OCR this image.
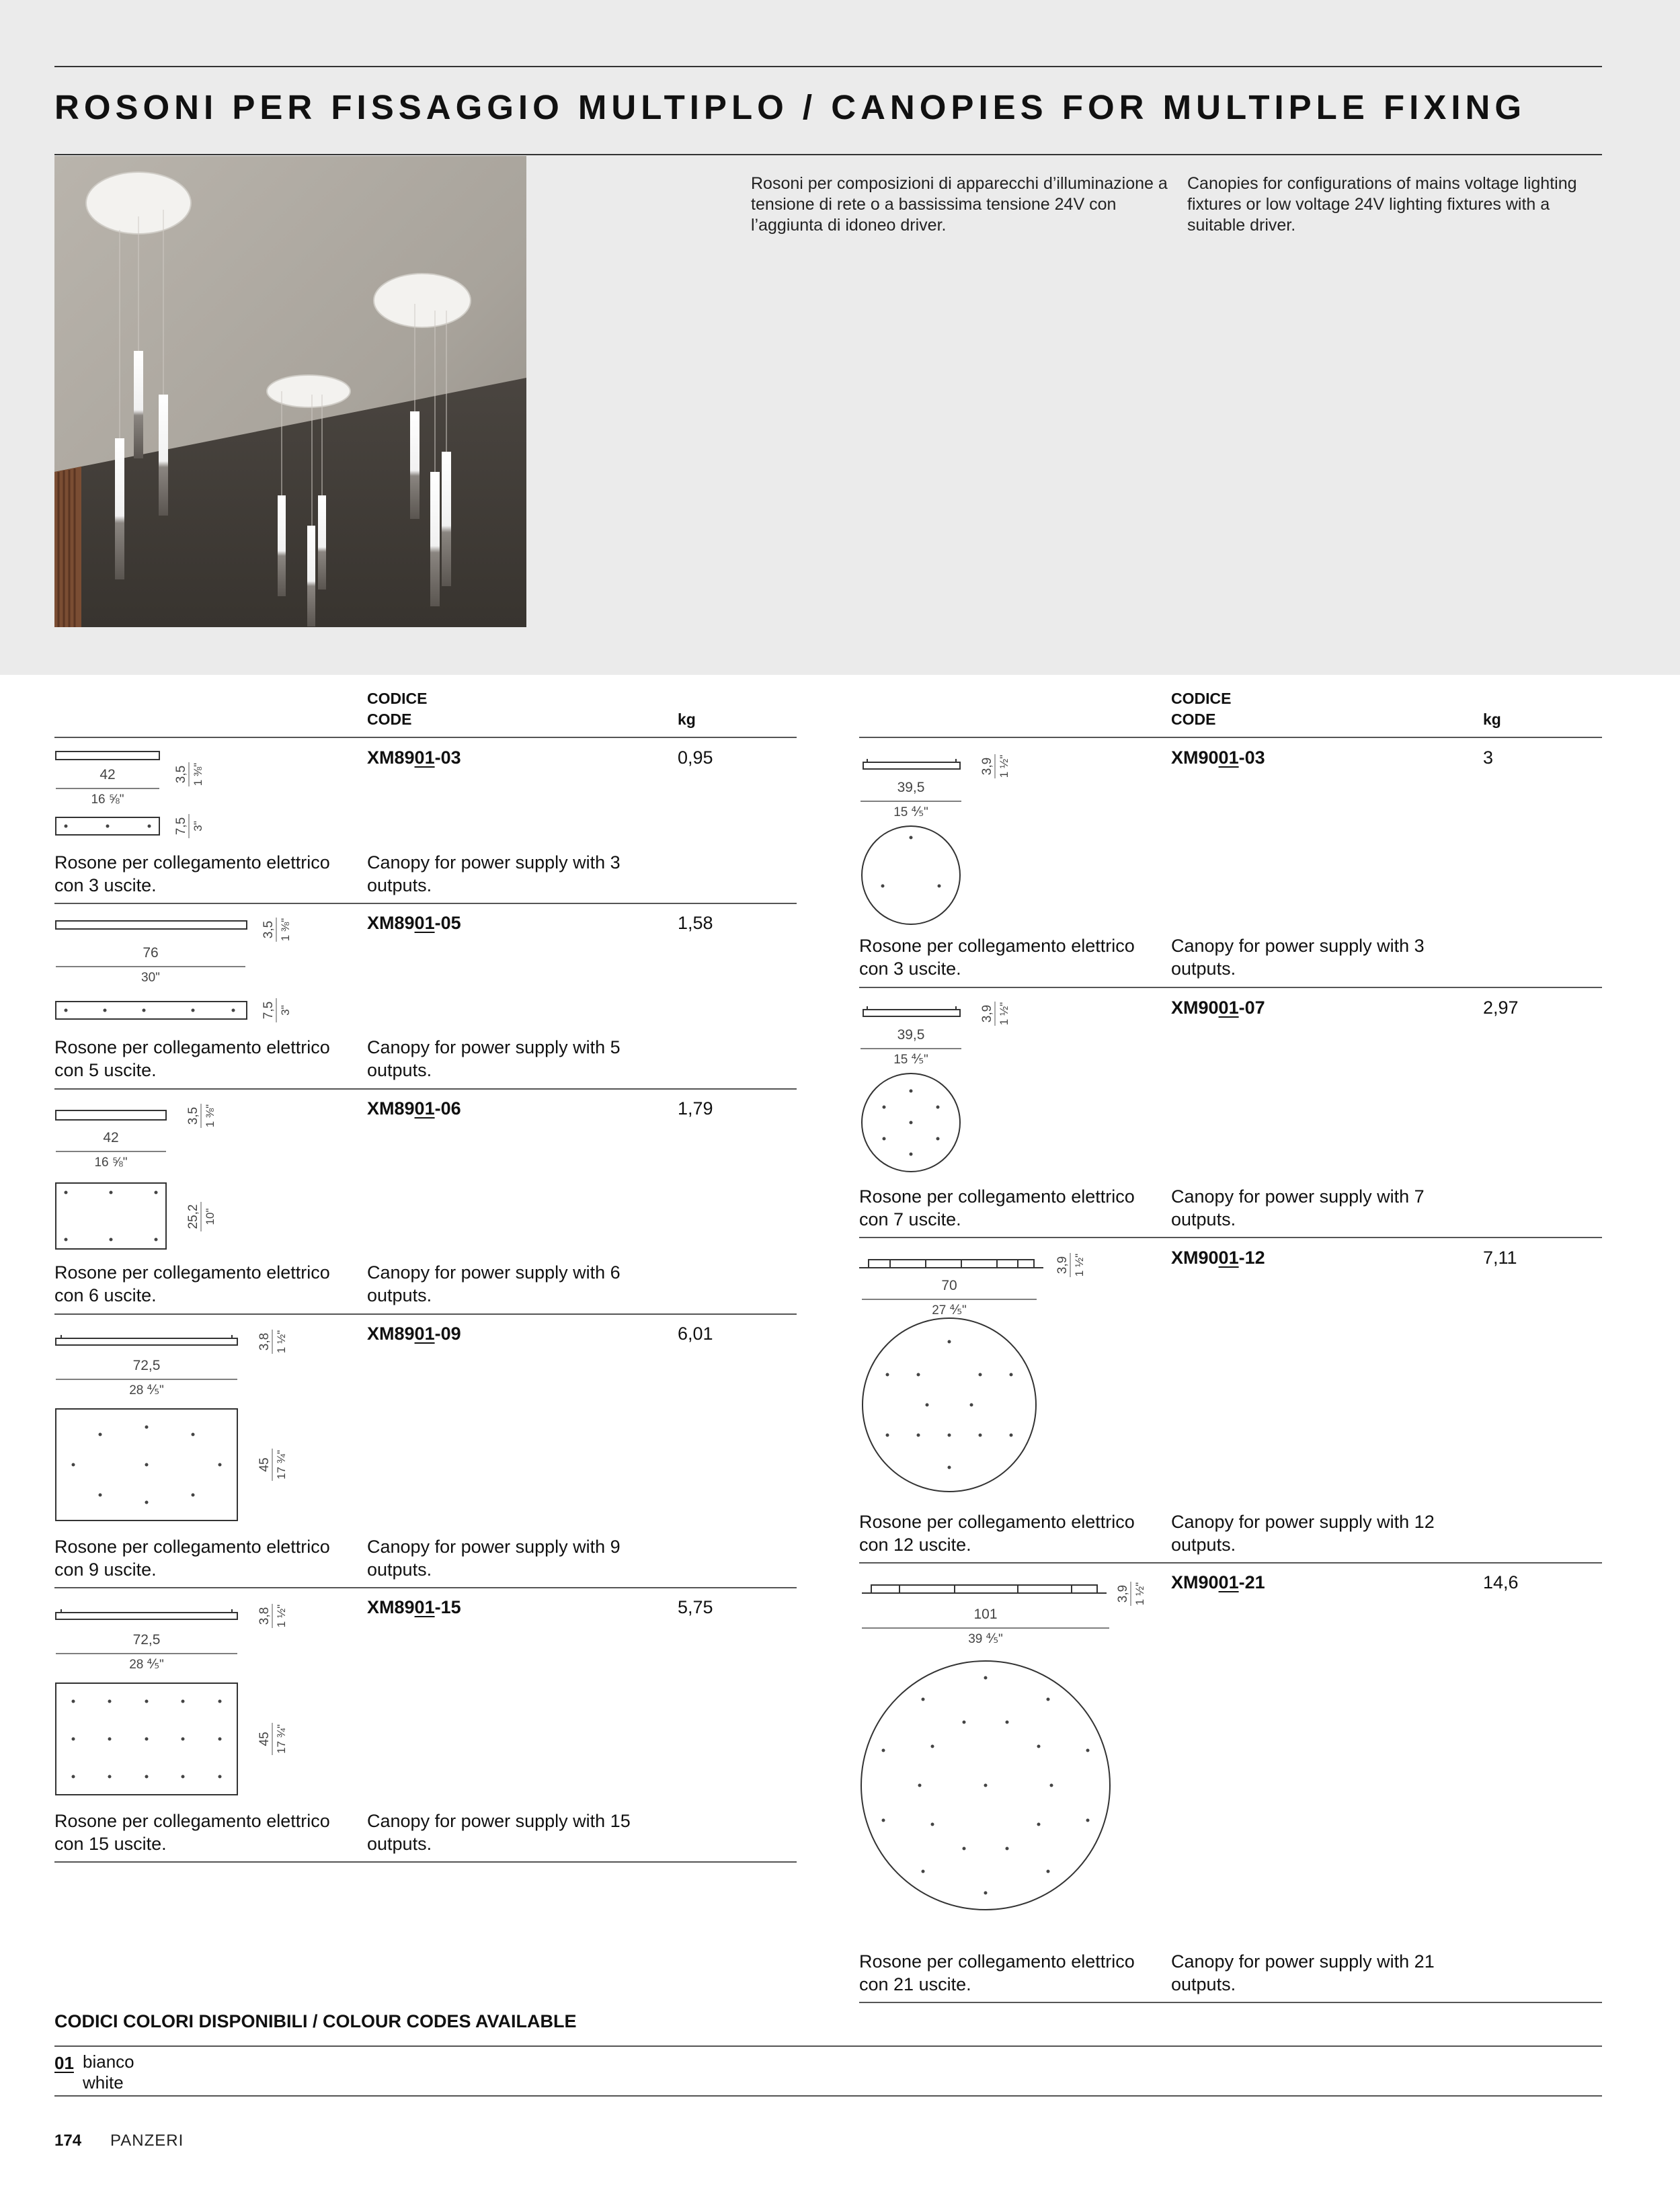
ROSONI PER FISSAGGIO MULTIPLO / CANOPIES FOR MULTIPLE FIXING
Rosoni per composizioni di apparecchi d’illuminazione a tensione di rete o a bassissima tensione 24V con l’aggiunta di idoneo driver.
Canopies for configurations of mains voltage lighting fixtures or low voltage 24V lighting fixtures with a suitable driver.
CODICE
CODE	kg
CODICE
CODE	kg
42
16 ⅝"
3,5 1 ⅜"
7,5 3"
XM8901-03	0,95
Rosone per collegamento elettrico con 3 uscite.
Canopy for power supply with 3 outputs.
76
30"
3,5 1 ⅜"
7,5 3"
XM8901-05	1,58
Rosone per collegamento elettrico con 5 uscite.
Canopy for power supply with 5 outputs.
42
16 ⅝"
3,5 1 ⅜"
25,2 10"
XM8901-06	1,79
Rosone per collegamento elettrico con 6 uscite.
Canopy for power supply with 6 outputs.
72,5
28 ⅘"
3,8 1 ½"
45 17 ¾"
XM8901-09	6,01
Rosone per collegamento elettrico con 9 uscite.
Canopy for power supply with 9 outputs.
72,5
28 ⅘"
3,8 1 ½"
45 17 ¾"
XM8901-15	5,75
Rosone per collegamento elettrico con 15 uscite.
Canopy for power supply with 15 outputs.
39,5
15 ⅘"
3,9 1 ½"	XM9001-03	3
Rosone per collegamento elettrico con 3 uscite.
Canopy for power supply with 3 outputs.
39,5
15 ⅘"
3,9 1 ½"	XM9001-07	2,97
Rosone per collegamento elettrico con 7 uscite.
Canopy for power supply with 7 outputs.
70
27 ⅘"
3,9 1 ½"	XM9001-12	7,11
Rosone per collegamento elettrico con 12 uscite.
Canopy for power supply with 12 outputs.
101
39 ⅘"
3,9 1 ½" XM9001-21	14,6
Rosone per collegamento elettrico con 21 uscite.
Canopy for power supply with 21 outputs.
CODICI COLORI DISPONIBILI / COLOUR CODES AVAILABLE
01 bianco
white
174 PANZERI
